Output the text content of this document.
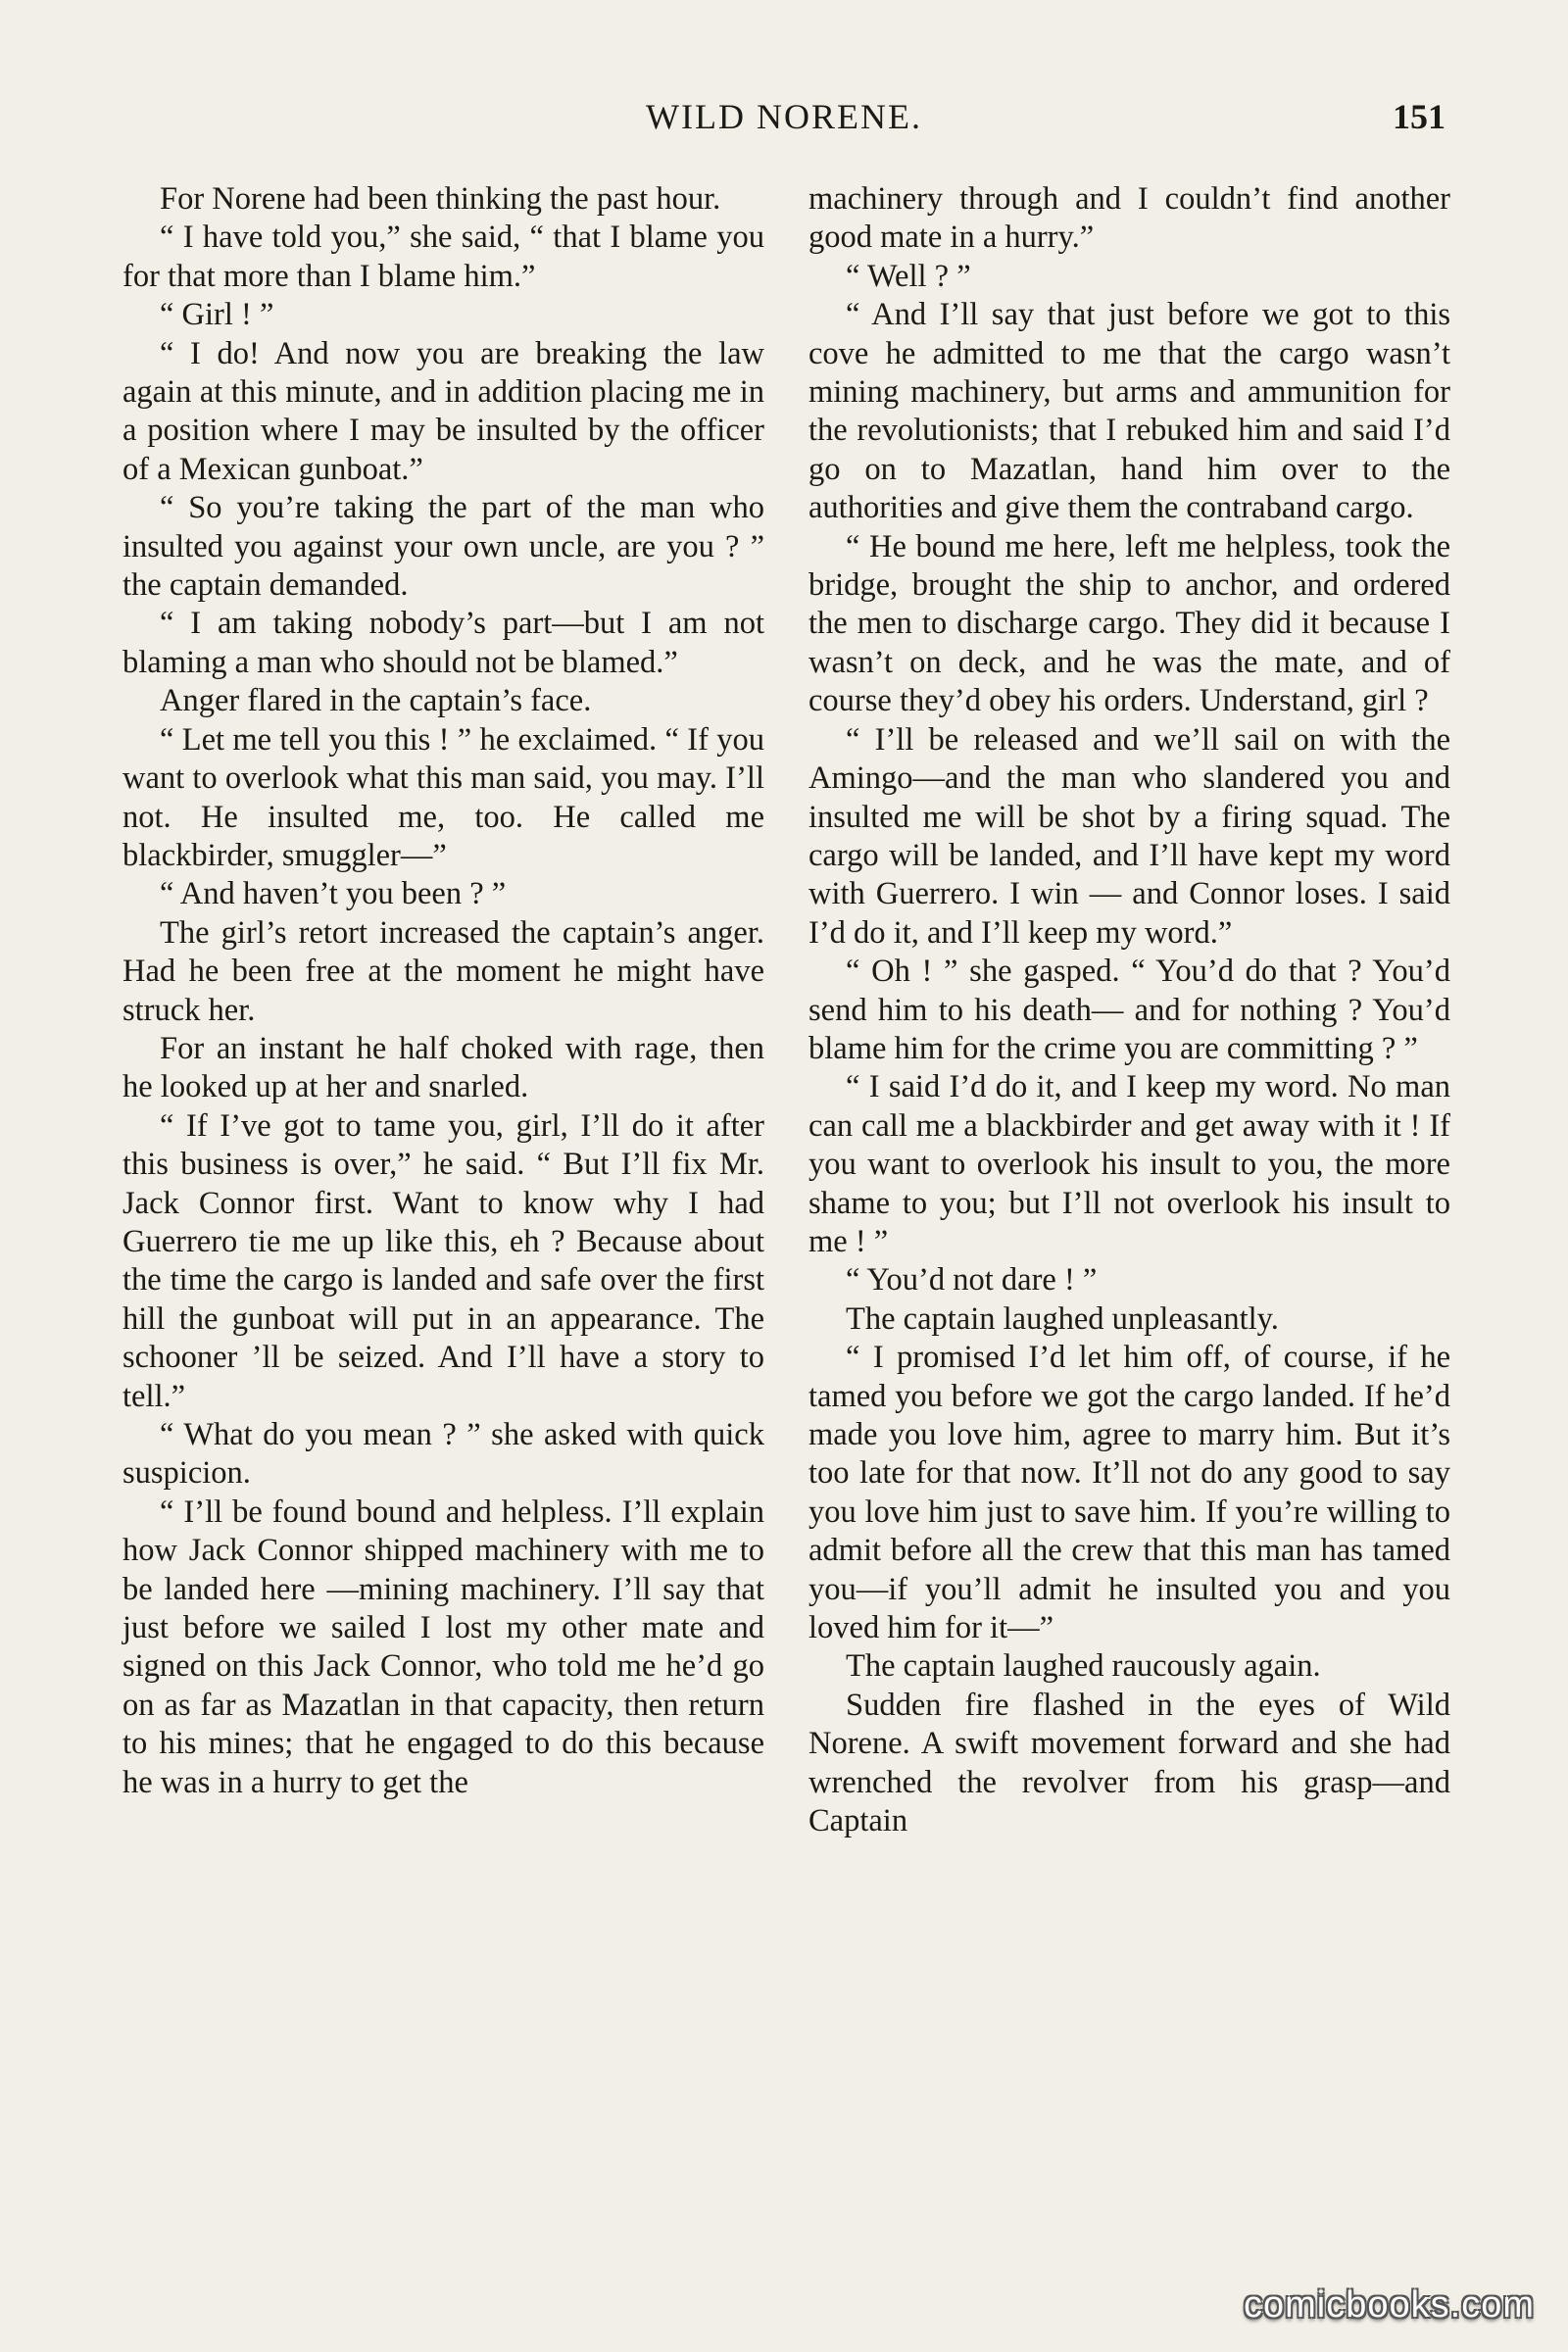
WILD NORENE.	151

For Norene had been thinking the past hour.

“ I have told you,” she said, “ that I blame you for that more than I blame him.”

“ Girl ! ”

“ I do! And now you are breaking the law again at this minute, and in addition placing me in a position where I may be insulted by the officer of a Mexican gunboat.”

“ So you’re taking the part of the man who insulted you against your own uncle, are you ? ” the captain demanded.

“ I am taking nobody’s part—but I am not blaming a man who should not be blamed.”

Anger flared in the captain’s face.

“ Let me tell you this ! ” he exclaimed. “ If you want to overlook what this man said, you may. I’ll not. He insulted me, too. He called me blackbirder, smuggler—”

“ And haven’t you been ? ”

The girl’s retort increased the captain’s anger. Had he been free at the moment he might have struck her.

For an instant he half choked with rage, then he looked up at her and snarled.

“ If I’ve got to tame you, girl, I’ll do it after this business is over,” he said. “ But I’ll fix Mr. Jack Connor first. Want to know why I had Guerrero tie me up like this, eh ? Because about the time the cargo is landed and safe over the first hill the gunboat will put in an appearance. The schooner ’ll be seized. And I’ll have a story to tell.”

“ What do you mean ? ” she asked with quick suspicion.

“ I’ll be found bound and helpless. I’ll explain how Jack Connor shipped machinery with me to be landed here —mining machinery. I’ll say that just before we sailed I lost my other mate and signed on this Jack Connor, who told me he’d go on as far as Mazatlan in that capacity, then return to his mines; that he engaged to do this because he was in a hurry to get the

machinery through and I couldn’t find another good mate in a hurry.”

“ Well ? ”

“ And I’ll say that just before we got to this cove he admitted to me that the cargo wasn’t mining machinery, but arms and ammunition for the revolutionists; that I rebuked him and said I’d go on to Mazatlan, hand him over to the authorities and give them the contraband cargo.

“ He bound me here, left me helpless, took the bridge, brought the ship to anchor, and ordered the men to discharge cargo. They did it because I wasn’t on deck, and he was the mate, and of course they’d obey his orders. Understand, girl ?

“ I’ll be released and we’ll sail on with the Amingo—and the man who slandered you and insulted me will be shot by a firing squad. The cargo will be landed, and I’ll have kept my word with Guerrero. I win — and Connor loses. I said I’d do it, and I’ll keep my word.”

“ Oh ! ” she gasped. “ You’d do that ? You’d send him to his death— and for nothing ? You’d blame him for the crime you are committing ? ”

“ I said I’d do it, and I keep my word. No man can call me a blackbirder and get away with it ! If you want to overlook his insult to you, the more shame to you; but I’ll not overlook his insult to me ! ”

“ You’d not dare ! ”

The captain laughed unpleasantly.

“ I promised I’d let him off, of course, if he tamed you before we got the cargo landed. If he’d made you love him, agree to marry him. But it’s too late for that now. It’ll not do any good to say you love him just to save him. If you’re willing to admit before all the crew that this man has tamed you—if you’ll admit he insulted you and you loved him for it—”

The captain laughed raucously again.

Sudden fire flashed in the eyes of Wild Norene. A swift movement forward and she had wrenched the revolver from his grasp—and Captain

comicbooks.com
